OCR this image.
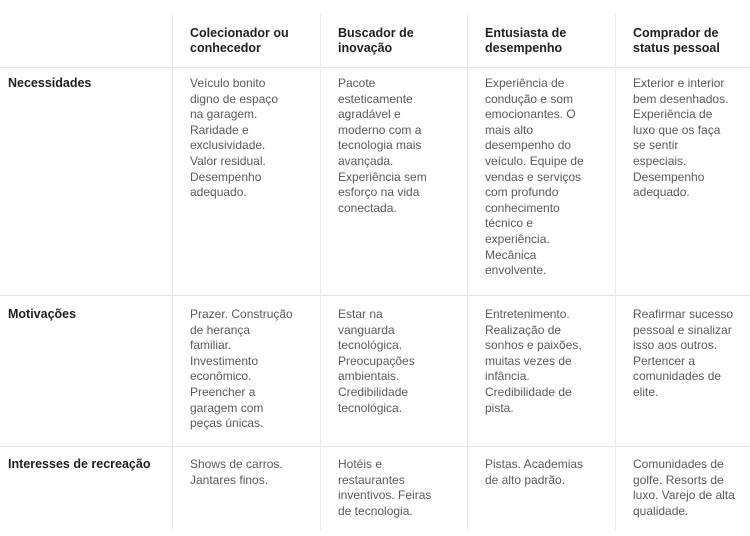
Colecionador ou
conhecedor
Buscador de
inovação
Entusiasta de
desempenho
Comprador de
status pessoal
Necessidades
Motivações
Interesses de recreação
Veículo bonito
digno de espaço
na garagem.
Raridade e
exclusividade.
Valor residual.
Desempenho
adequado.
Pacote
esteticamente
agradável e
moderno com a
tecnologia mais
avançada.
Experiência sem
esforço na vida
conectada.
Experiência de
condução e som
emocionantes. O
mais alto
desempenho do
veículo. Equipe de
vendas e serviços
com profundo
conhecimento
técnico e
experiência.
Mecânica
envolvente.
Exterior e interior
bem desenhados.
Experiência de
luxo que os faça
se sentir
especiais.
Desempenho
adequado.
Prazer. Construção
de herança
familiar.
Investimento
econômico.
Preencher a
garagem com
peças únicas.
Estar na
vanguarda
tecnológica.
Preocupações
ambientais.
Credibilidade
tecnológica.
Entretenimento.
Realização de
sonhos e paixões,
muitas vezes de
infância.
Credibilidade de
pista.
Reafirmar sucesso
pessoal e sinalizar
isso aos outros.
Pertencer a
comunidades de
elite.
Shows de carros.
Jantares finos.
Hotéis e
restaurantes
inventivos. Feiras
de tecnologia.
Pistas. Academias
de alto padrão.
Comunidades de
golfe. Resorts de
luxo. Varejo de alta
qualidade.
